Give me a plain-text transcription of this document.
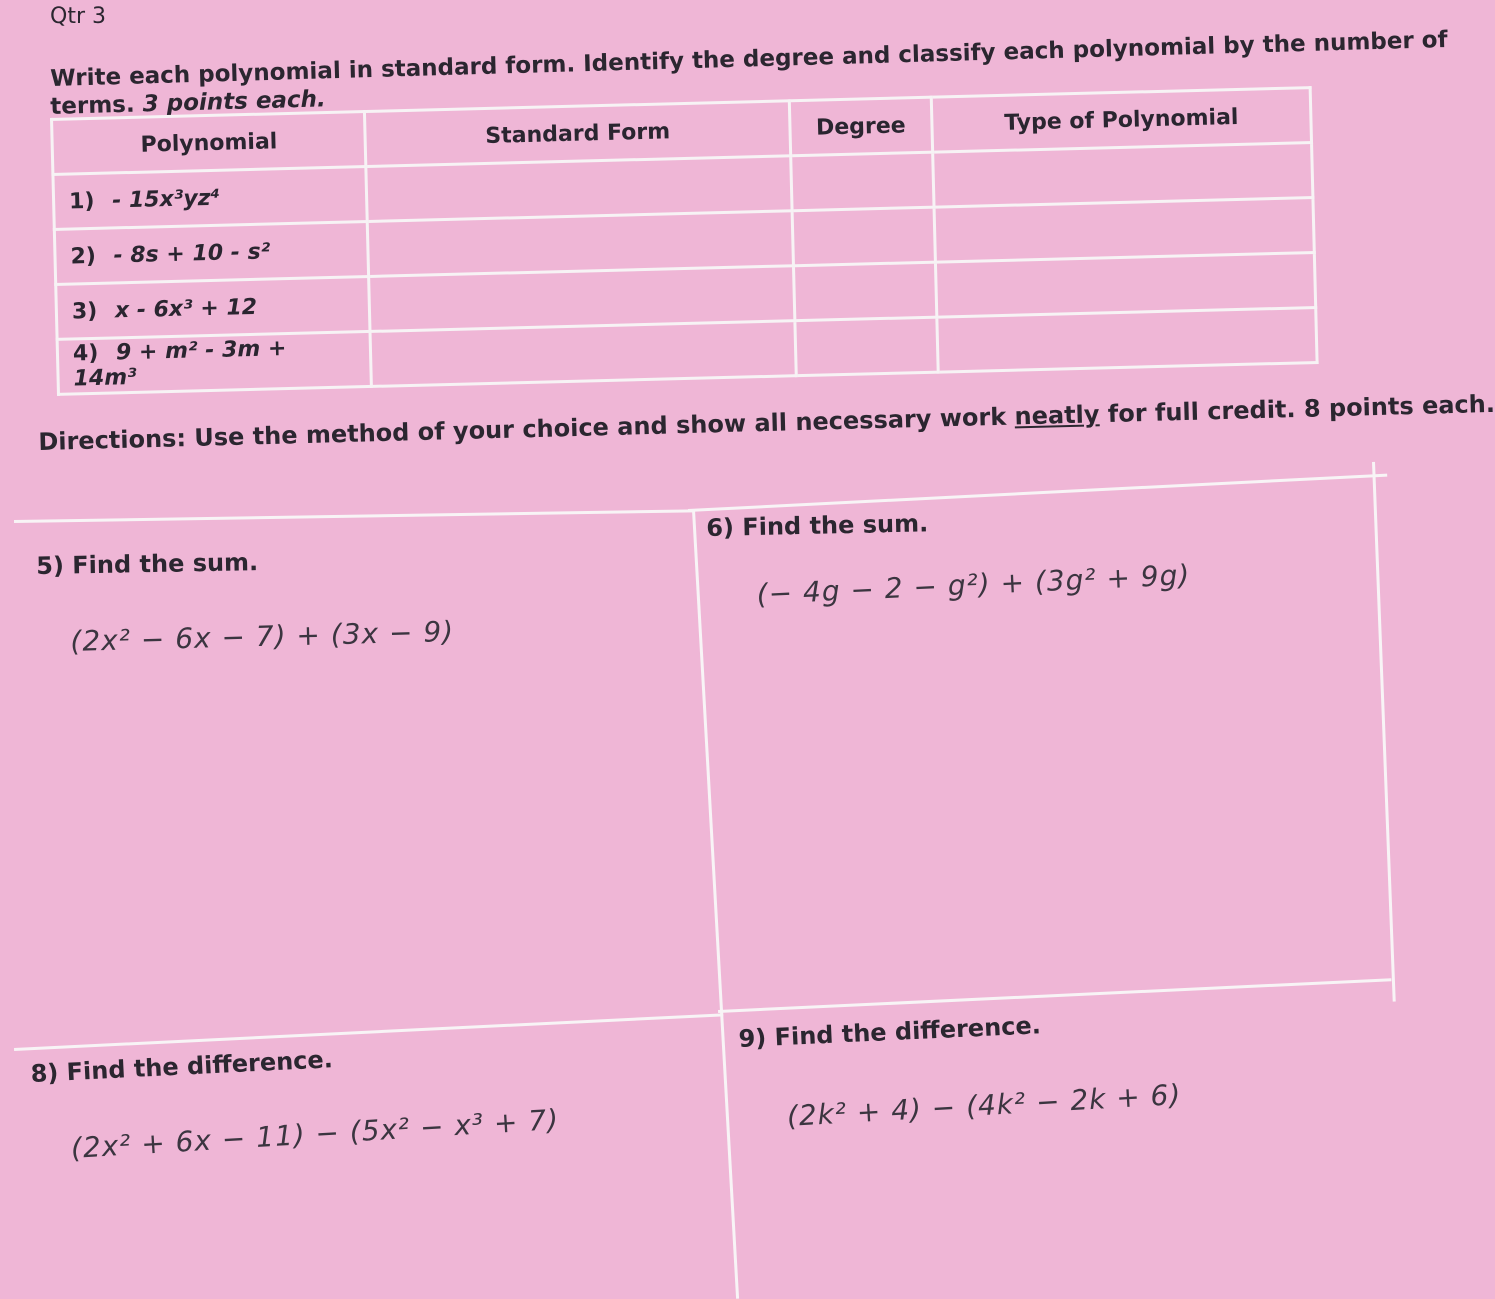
Qtr 3
Write each polynomial in standard form. Identify the degree and classify each polynomial by the number of
terms. 3 points each.
Polynomial	Standard Form	Degree	Type of Polynomial
1) - 15x³yz⁴			
2) - 8s + 10 - s²			
3) x - 6x³ + 12			
4) 9 + m² - 3m + 14m³			
Directions: Use the method of your choice and show all necessary work neatly for full credit. 8 points each.
5) Find the sum.
(2x² − 6x − 7) + (3x − 9)
6) Find the sum.
(− 4g − 2 − g²) + (3g² + 9g)
8) Find the difference.
(2x² + 6x − 11) − (5x² − x³ + 7)
9) Find the difference.
(2k² + 4) − (4k² − 2k + 6)
